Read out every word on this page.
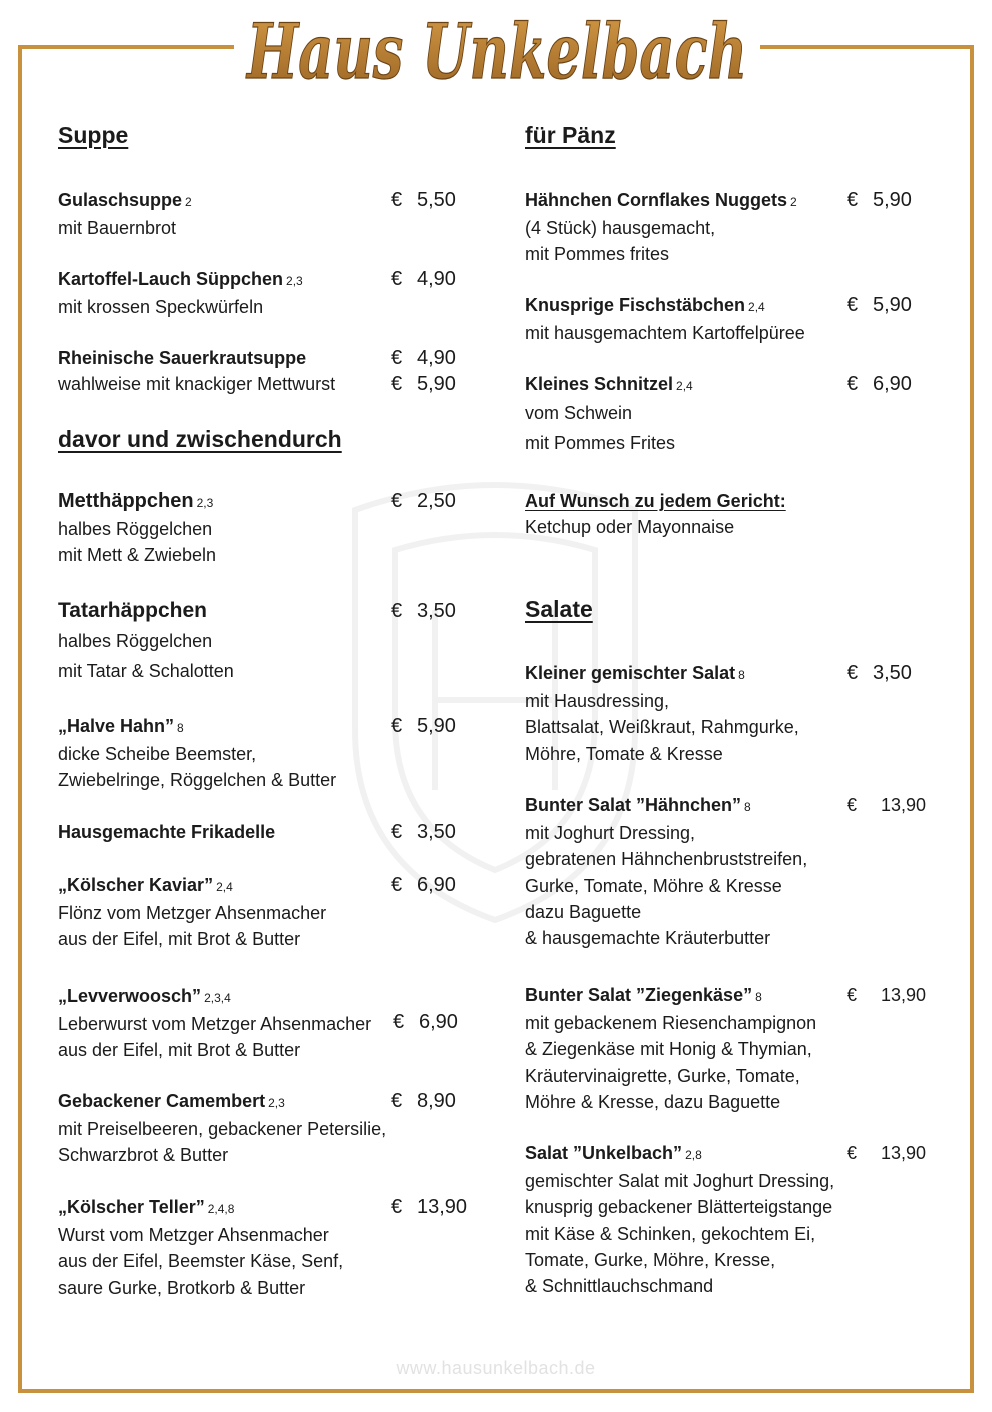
Haus Unkelbach
Suppe
Gulaschsuppe 2
mit Bauernbrot
€ 5,50
Kartoffel-Lauch Süppchen 2,3
mit krossen Speckwürfeln
€ 4,90
Rheinische Sauerkrautsuppe
wahlweise mit knackiger Mettwurst
€ 4,90
€ 5,90
davor und zwischendurch
Metthäppchen 2,3
halbes Röggelchen
mit Mett & Zwiebeln
€ 2,50
Tatarhäppchen
halbes Röggelchen
mit Tatar & Schalotten
€ 3,50
„Halve Hahn” 8
dicke Scheibe Beemster,
Zwiebelringe, Röggelchen & Butter
€ 5,90
Hausgemachte Frikadelle	€ 3,50
„Kölscher Kaviar” 2,4
Flönz vom Metzger Ahsenmacher
aus der Eifel, mit Brot & Butter
€ 6,90
„Levverwoosch” 2,3,4
Leberwurst vom Metzger Ahsenmacher
aus der Eifel, mit Brot & Butter
€ 6,90
Gebackener Camembert 2,3
mit Preiselbeeren, gebackener Petersilie,
Schwarzbrot & Butter
€ 8,90
„Kölscher Teller” 2,4,8
Wurst vom Metzger Ahsenmacher
aus der Eifel, Beemster Käse, Senf,
saure Gurke, Brotkorb & Butter
€ 13,90
für Pänz
Hähnchen Cornflakes Nuggets 2
(4 Stück) hausgemacht,
mit Pommes frites
€ 5,90
Knusprige Fischstäbchen 2,4
mit hausgemachtem Kartoffelpüree
€ 5,90
Kleines Schnitzel 2,4
vom Schwein
mit Pommes Frites
€ 6,90
Auf Wunsch zu jedem Gericht:
Ketchup oder Mayonnaise
Salate
Kleiner gemischter Salat 8
mit Hausdressing,
Blattsalat, Weißkraut, Rahmgurke,
Möhre, Tomate & Kresse
€ 3,50
Bunter Salat ”Hähnchen” 8
mit Joghurt Dressing,
gebratenen Hähnchenbruststreifen,
Gurke, Tomate, Möhre & Kresse
dazu Baguette
& hausgemachte Kräuterbutter
€ 13,90
Bunter Salat ”Ziegenkäse” 8
mit gebackenem Riesenchampignon
& Ziegenkäse mit Honig & Thymian,
Kräutervinaigrette, Gurke, Tomate,
Möhre & Kresse, dazu Baguette
€ 13,90
Salat ”Unkelbach” 2,8
gemischter Salat mit Joghurt Dressing,
knusprig gebackener Blätterteigstange
mit Käse & Schinken, gekochtem Ei,
Tomate, Gurke, Möhre, Kresse,
& Schnittlauchschmand
€ 13,90
www.hausunkelbach.de
